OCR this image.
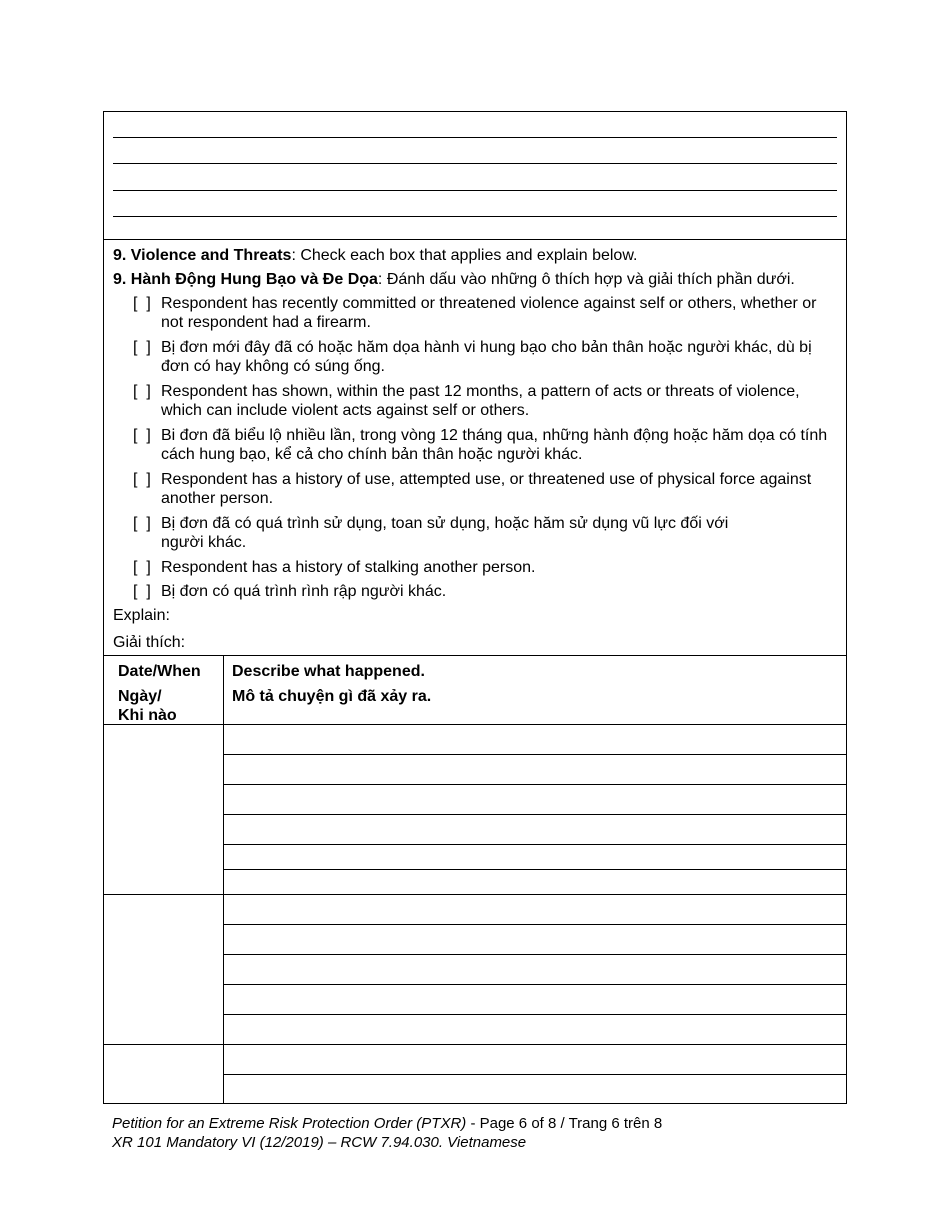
9. Violence and Threats: Check each box that applies and explain below.
9. Hành Động Hung Bạo và Đe Dọa: Đánh dấu vào những ô thích hợp và giải thích phần dưới.
[  ] Respondent has recently committed or threatened violence against self or others, whether or not respondent had a firearm.
[  ] Bị đơn mới đây đã có hoặc hăm dọa hành vi hung bạo cho bản thân hoặc người khác, dù bị đơn có hay không có súng ống.
[  ] Respondent has shown, within the past 12 months, a pattern of acts or threats of violence, which can include violent acts against self or others.
[  ] Bi đơn đã biểu lộ nhiều lần, trong vòng 12 tháng qua, những hành động hoặc hăm dọa có tính cách hung bạo, kể cả cho chính bản thân hoặc người khác.
[  ] Respondent has a history of use, attempted use, or threatened use of physical force against another person.
[  ] Bị đơn đã có quá trình sử dụng, toan sử dụng, hoặc hăm sử dụng vũ lực đối với người khác.
[  ] Respondent has a history of stalking another person.
[  ] Bị đơn có quá trình rình rập người khác.
Explain:
Giải thích:
Date/When
Ngày/
Khi nào
Describe what happened.
Mô tả chuyện gì đã xảy ra.
Petition for an Extreme Risk Protection Order (PTXR) - Page 6 of 8 / Trang 6 trên 8
XR 101 Mandatory VI (12/2019) – RCW 7.94.030. Vietnamese
